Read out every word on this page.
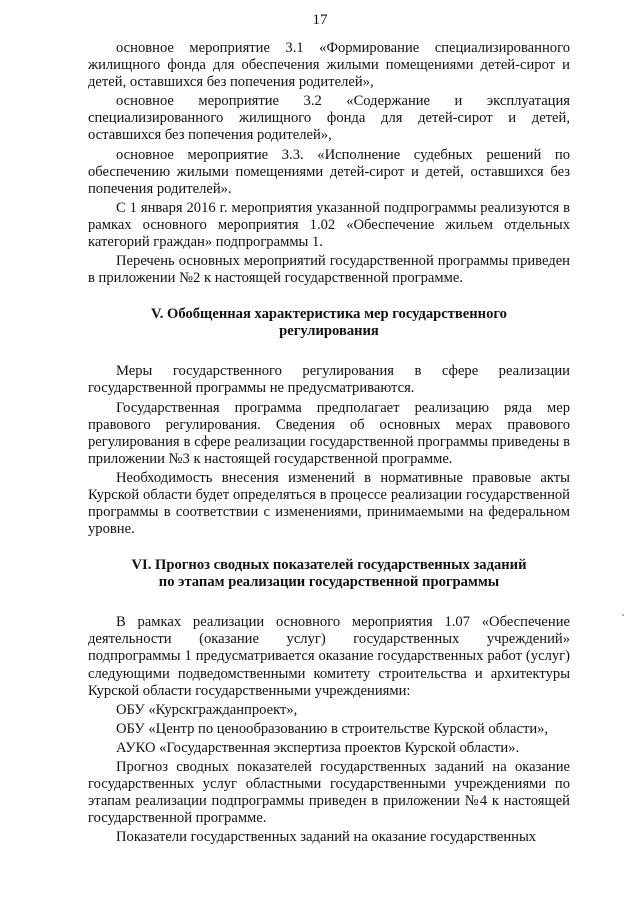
17

основное мероприятие 3.1 «Формирование специализированного жилищного фонда для обеспечения жилыми помещениями детей-сирот и детей, оставшихся без попечения родителей»,

основное мероприятие 3.2 «Содержание и эксплуатация специализированного жилищного фонда для детей-сирот и детей, оставшихся без попечения родителей»,

основное мероприятие 3.3. «Исполнение судебных решений по обеспечению жилыми помещениями детей-сирот и детей, оставшихся без попечения родителей».

С 1 января 2016 г. мероприятия указанной подпрограммы реализуются в рамках основного мероприятия 1.02 «Обеспечение жильем отдельных категорий граждан» подпрограммы 1.

Перечень основных мероприятий государственной программы приведен в приложении №2 к настоящей государственной программе.

V. Обобщенная характеристика мер государственного

регулирования

Меры государственного регулирования в сфере реализации государственной программы не предусматриваются.

Государственная программа предполагает реализацию ряда мер правового регулирования. Сведения об основных мерах правового регулирования в сфере реализации государственной программы приведены в приложении №3 к настоящей государственной программе.

Необходимость внесения изменений в нормативные правовые акты Курской области будет определяться в процессе реализации государственной программы в соответствии с изменениями, принимаемыми на федеральном уровне.

VI. Прогноз сводных показателей государственных заданий

по этапам реализации государственной программы

В рамках реализации основного мероприятия 1.07 «Обеспечение деятельности (оказание услуг) государственных учреждений» подпрограммы 1 предусматривается оказание государственных работ (услуг) следующими подведомственными комитету строительства и архитектуры Курской области государственными учреждениями:

ОБУ «Курскгражданпроект»,

ОБУ «Центр по ценообразованию в строительстве Курской области»,

АУКО «Государственная экспертиза проектов Курской области».

Прогноз сводных показателей государственных заданий на оказание государственных услуг областными государственными учреждениями по этапам реализации подпрограммы приведен в приложении №4 к настоящей государственной программе.

Показатели государственных заданий на оказание государственных
